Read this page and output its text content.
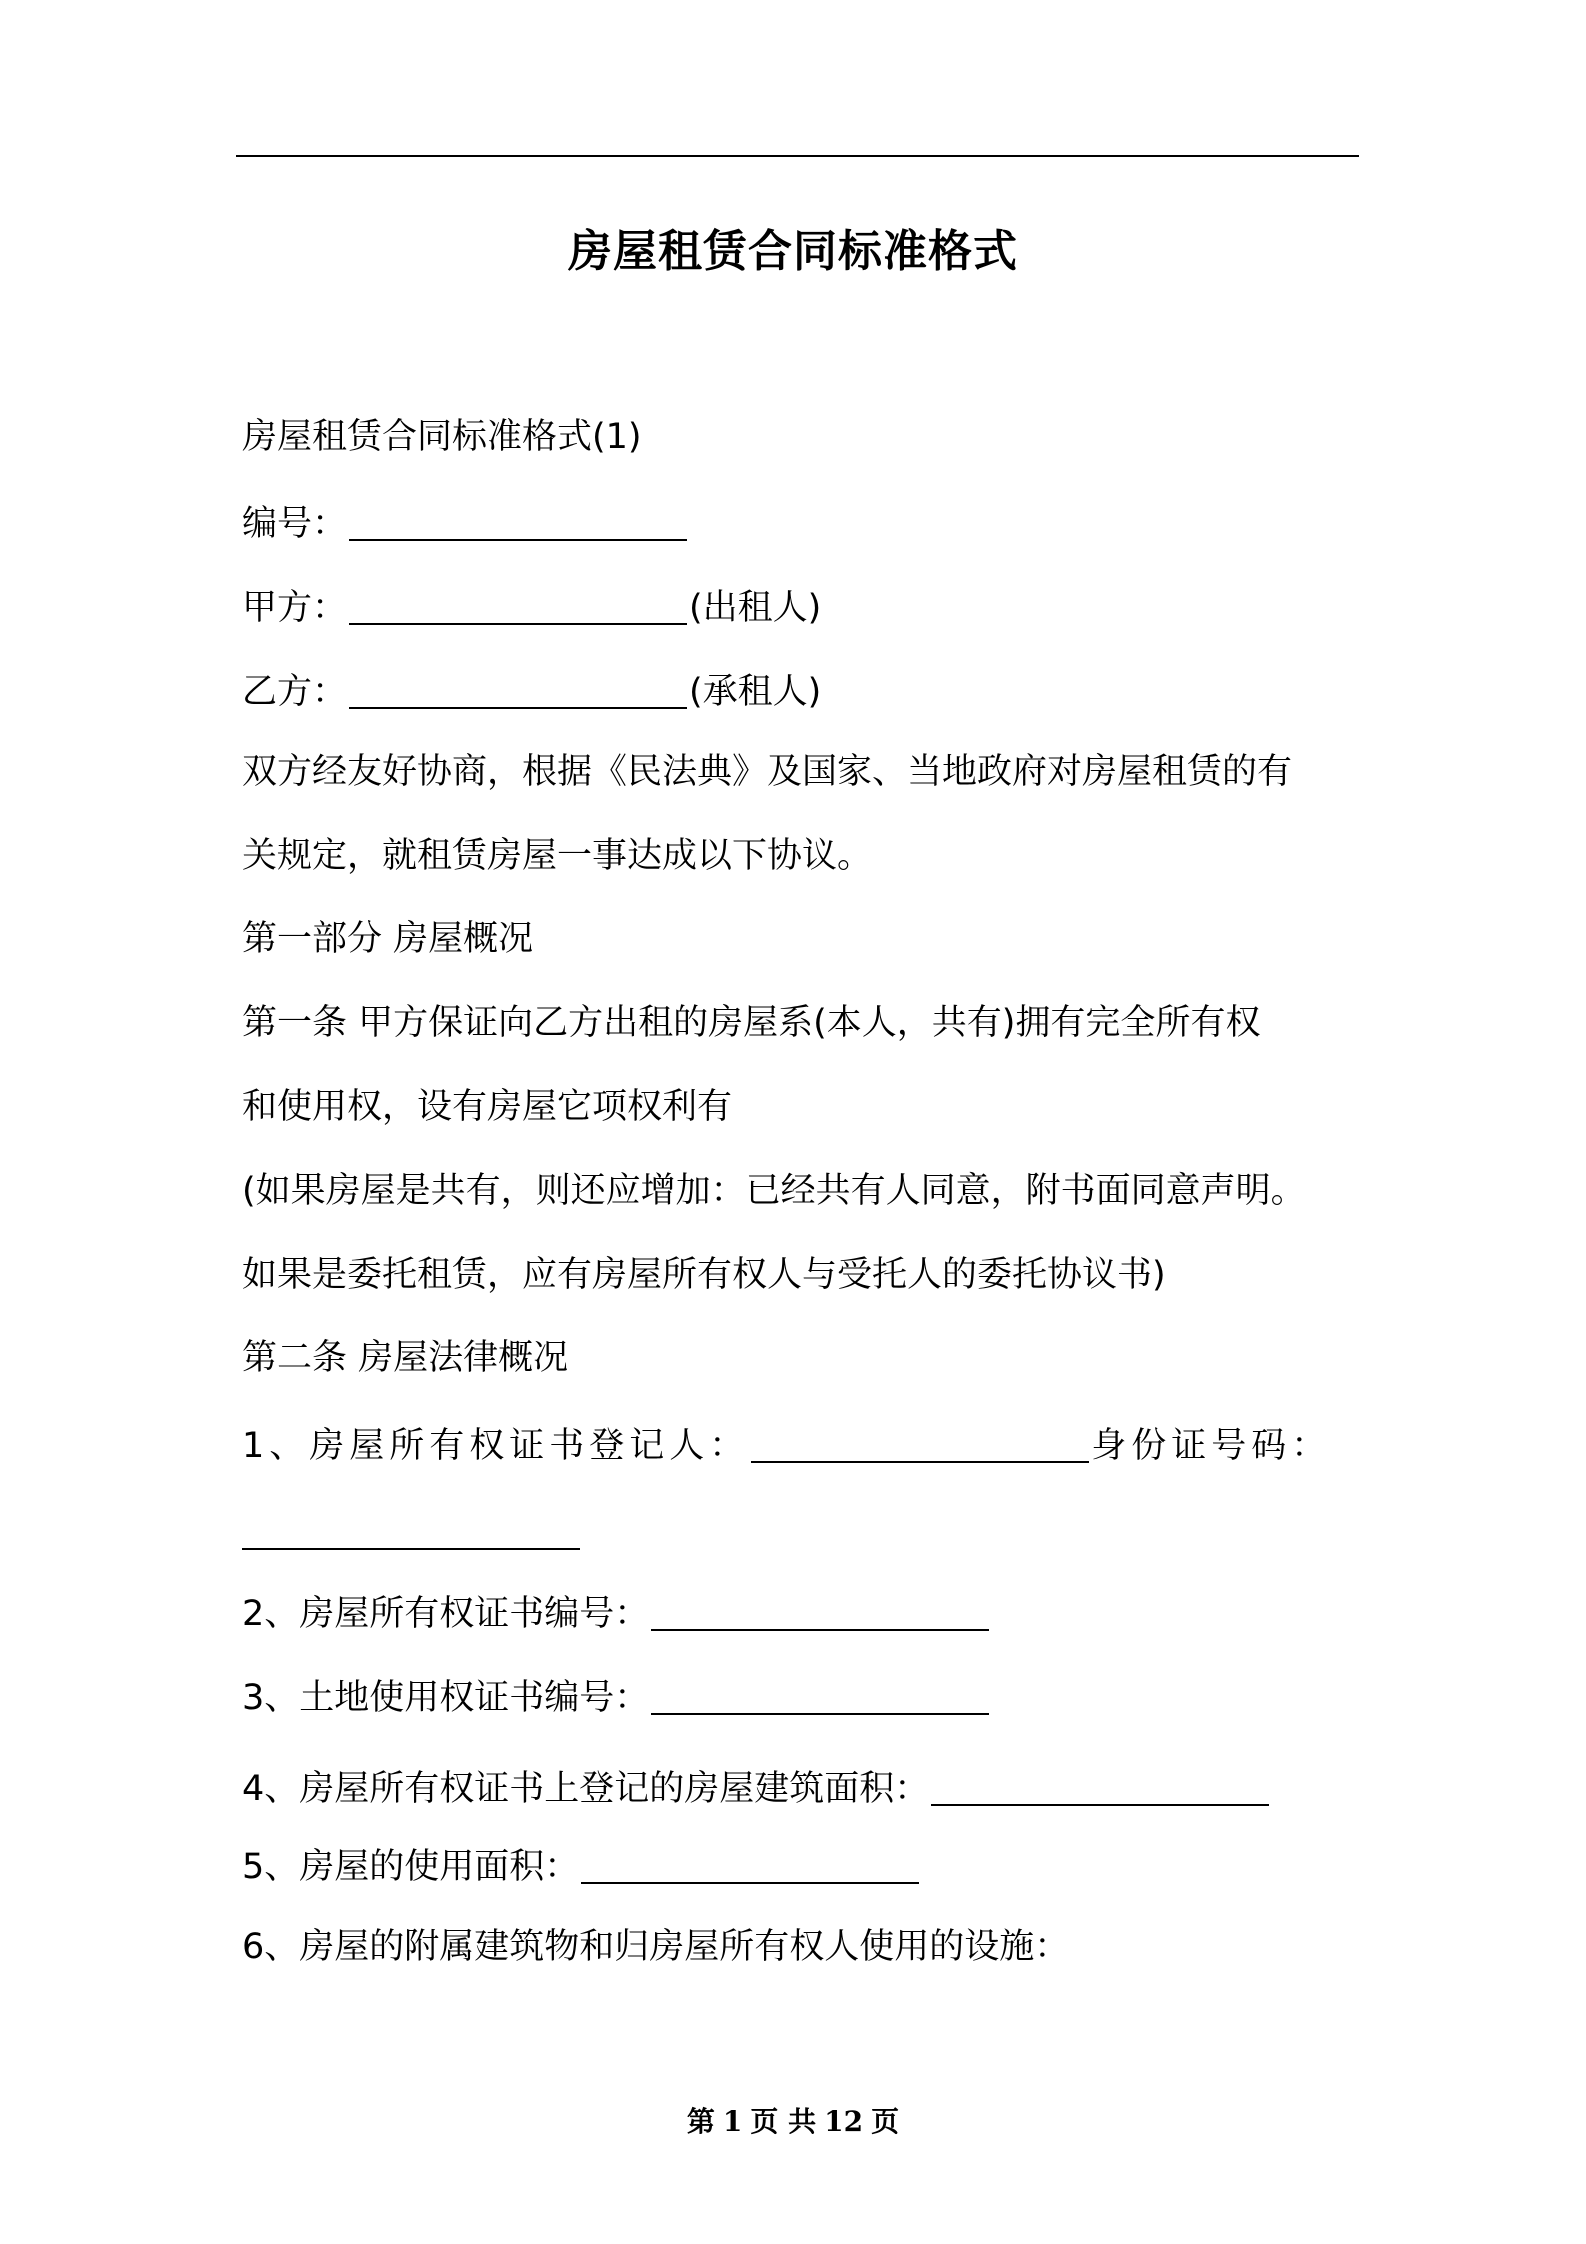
房屋租赁合同标准格式
房屋租赁合同标准格式(1)
编号：
甲方：	(出租人)
乙方：	(承租人)
双方经友好协商，根据《民法典》及国家、当地政府对房屋租赁的有
关规定，就租赁房屋一事达成以下协议。
第一部分 房屋概况
第一条 甲方保证向乙方出租的房屋系(本人，共有)拥有完全所有权
和使用权，设有房屋它项权利有
(如果房屋是共有，则还应增加：已经共有人同意，附书面同意声明。
如果是委托租赁，应有房屋所有权人与受托人的委托协议书)
第二条 房屋法律概况
1、房屋所有权证书登记人：	身份证号码：
2、房屋所有权证书编号：
3、土地使用权证书编号：
4、房屋所有权证书上登记的房屋建筑面积：
5、房屋的使用面积：
6、房屋的附属建筑物和归房屋所有权人使用的设施：
第 1 页 共 12 页
